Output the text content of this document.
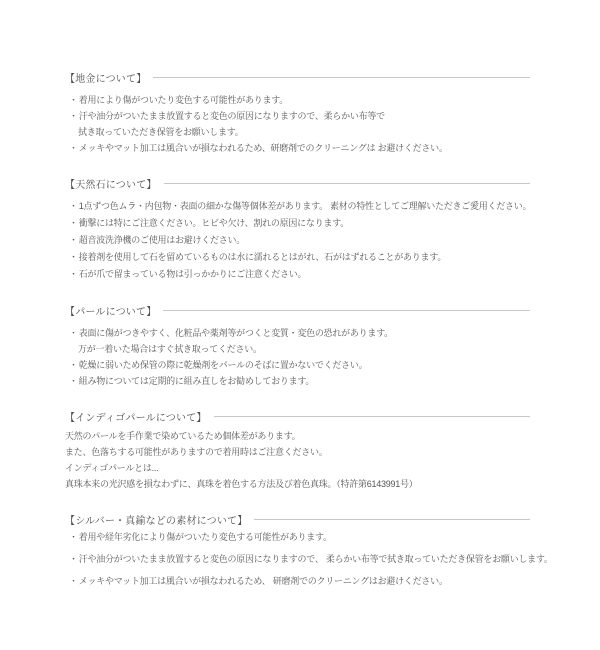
【地金について】
・着用により傷がついたり変色する可能性があります。
・汗や油分がついたまま放置すると変色の原因になりますので、柔らかい布等で
拭き取っていただき保管をお願いします。
・メッキやマット加工は風合いが損なわれるため、研磨剤でのクリーニングは お避けください。
【天然石について】
・1点ずつ色ムラ・内包物・表面の細かな傷等個体差があります。 素材の特性としてご理解いただきご愛用ください。
・衝撃には特にご注意ください。ヒビや欠け、割れの原因になります。
・超音波洗浄機のご使用はお避けください。
・接着剤を使用して石を留めているものは水に濡れるとはがれ、石がはずれることがあります。
・石が爪で留まっている物は引っかかりにご注意ください。
【パールについて】
・表面に傷がつきやすく、化粧品や薬剤等がつくと変質・変色の恐れがあります。
万が一着いた場合はすぐ拭き取ってください。
・乾燥に弱いため保管の際に乾燥剤をパールのそばに置かないでください。
・組み物については定期的に組み直しをお勧めしております。
【インディゴパールについて】
天然のパールを手作業で染めているため個体差があります。
また、色落ちする可能性がありますので着用時はご注意ください。
インディゴパールとは...
真珠本来の光沢感を損なわずに、真珠を着色する方法及び着色真珠。（特許第6143991号）
【シルバー・真鍮などの素材について】
・着用や経年劣化により傷がついたり変色する可能性があります。
・汗や油分がついたまま放置すると変色の原因になりますので、 柔らかい布等で拭き取っていただき保管をお願いします。
・メッキやマット加工は風合いが損なわれるため、 研磨剤でのクリーニングはお避けください。
